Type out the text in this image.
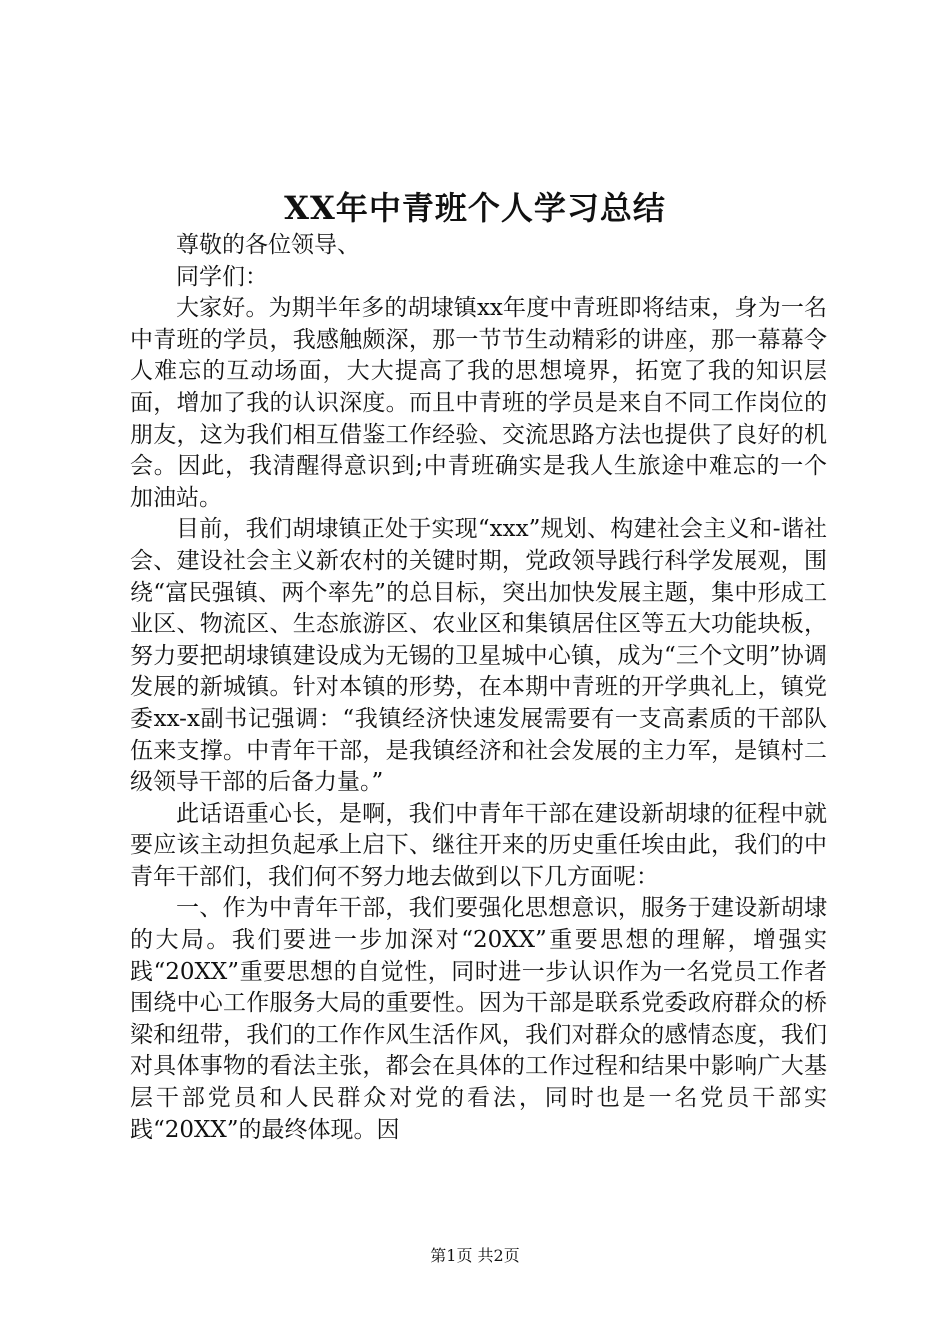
XX年中青班个人学习总结

尊敬的各位领导、

同学们：

大家好。为期半年多的胡埭镇xx年度中青班即将结束，身为一名中青班的学员，我感触颇深，那一节节生动精彩的讲座，那一幕幕令人难忘的互动场面，大大提高了我的思想境界，拓宽了我的知识层面，增加了我的认识深度。而且中青班的学员是来自不同工作岗位的朋友，这为我们相互借鉴工作经验、交流思路方法也提供了良好的机会。因此，我清醒得意识到;中青班确实是我人生旅途中难忘的一个加油站。

目前，我们胡埭镇正处于实现“xxx”规划、构建社会主义和-谐社会、建设社会主义新农村的关键时期，党政领导践行科学发展观，围绕“富民强镇、两个率先”的总目标，突出加快发展主题，集中形成工业区、物流区、生态旅游区、农业区和集镇居住区等五大功能块板，努力要把胡埭镇建设成为无锡的卫星城中心镇，成为“三个文明”协调发展的新城镇。针对本镇的形势，在本期中青班的开学典礼上，镇党委xx-x副书记强调：“我镇经济快速发展需要有一支高素质的干部队伍来支撑。中青年干部，是我镇经济和社会发展的主力军，是镇村二级领导干部的后备力量。”

此话语重心长，是啊，我们中青年干部在建设新胡埭的征程中就要应该主动担负起承上启下、继往开来的历史重任埃由此，我们的中青年干部们，我们何不努力地去做到以下几方面呢：

一、作为中青年干部，我们要强化思想意识，服务于建设新胡埭的大局。我们要进一步加深对“20XX”重要思想的理解，增强实践“20XX”重要思想的自觉性，同时进一步认识作为一名党员工作者围绕中心工作服务大局的重要性。因为干部是联系党委政府群众的桥梁和纽带，我们的工作作风生活作风，我们对群众的感情态度，我们对具体事物的看法主张，都会在具体的工作过程和结果中影响广大基层干部党员和人民群众对党的看法，同时也是一名党员干部实践“20XX”的最终体现。因

第1页 共2页
